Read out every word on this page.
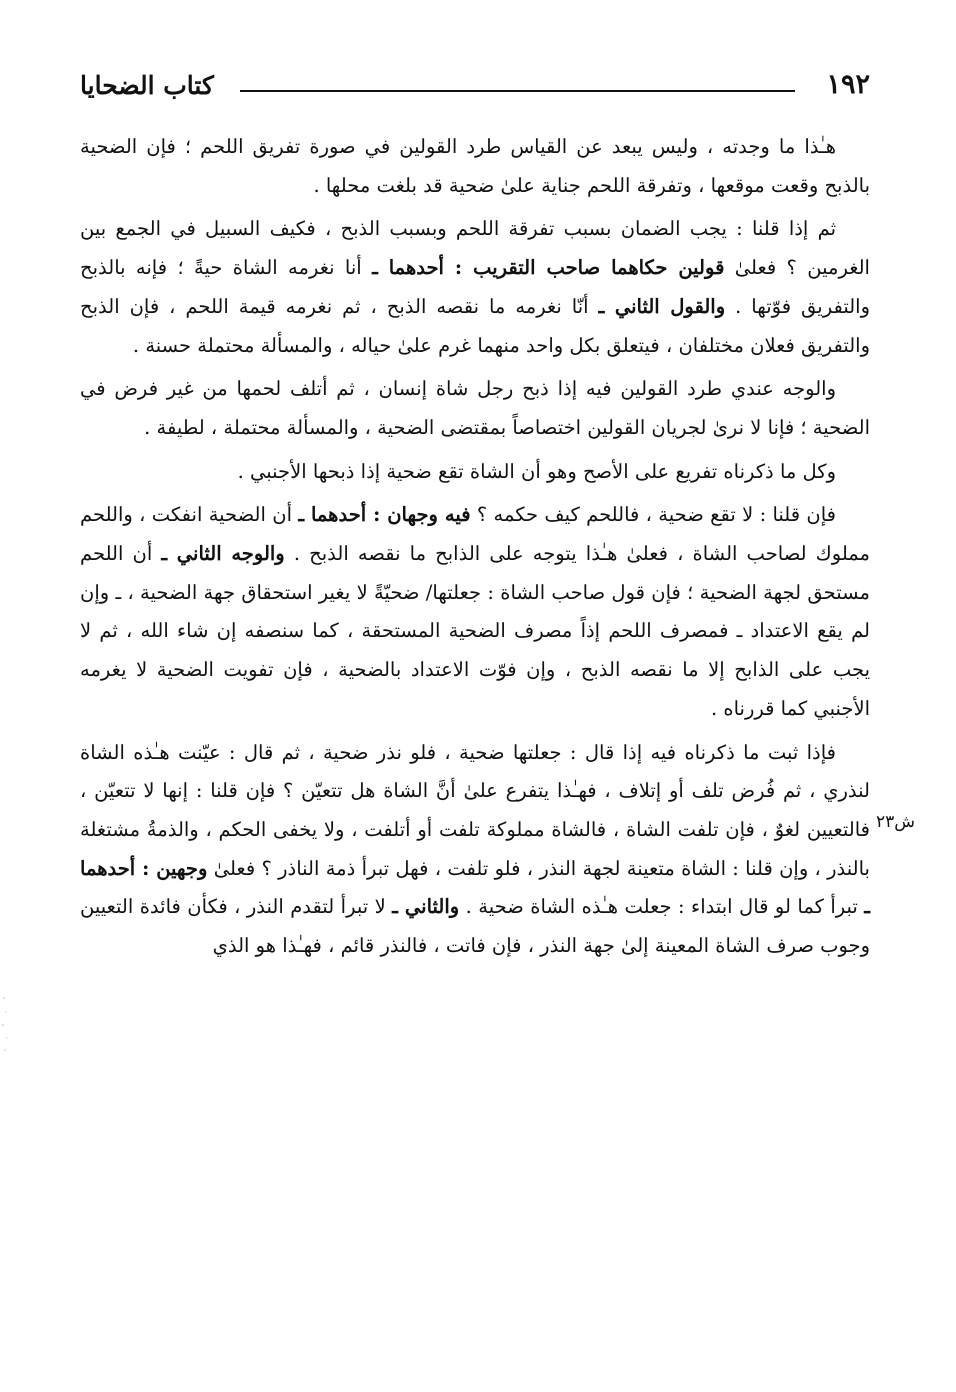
١٩٢
كتاب الضحايا

هـٰذا ما وجدته ، وليس يبعد عن القياس طرد القولين في صورة تفريق اللحم ؛ فإن الضحية بالذبح وقعت موقعها ، وتفرقة اللحم جناية علىٰ ضحية قد بلغت محلها .

ثم إذا قلنا : يجب الضمان بسبب تفرقة اللحم وبسبب الذبح ، فكيف السبيل في الجمع بين الغرمين ؟ فعلىٰ قولين حكاهما صاحب التقريب : أحدهما ـ أنا نغرمه الشاة حيةً ؛ فإنه بالذبح والتفريق فوّتها . والقول الثاني ـ أنّا نغرمه ما نقصه الذبح ، ثم نغرمه قيمة اللحم ، فإن الذبح والتفريق فعلان مختلفان ، فيتعلق بكل واحد منهما غرم علىٰ حياله ، والمسألة محتملة حسنة .

والوجه عندي طرد القولين فيه إذا ذبح رجل شاة إنسان ، ثم أتلف لحمها من غير فرض في الضحية ؛ فإنا لا نرىٰ لجريان القولين اختصاصاً بمقتضى الضحية ، والمسألة محتملة ، لطيفة .

وكل ما ذكرناه تفريع على الأصح وهو أن الشاة تقع ضحية إذا ذبحها الأجنبي .

فإن قلنا : لا تقع ضحية ، فاللحم كيف حكمه ؟ فيه وجهان : أحدهما ـ أن الضحية انفكت ، واللحم مملوك لصاحب الشاة ، فعلىٰ هـٰذا يتوجه على الذابح ما نقصه الذبح . والوجه الثاني ـ أن اللحم مستحق لجهة الضحية ؛ فإن قول صاحب الشاة : جعلتها/ ضحيّةً لا يغير استحقاق جهة الضحية ، ـ وإن لم يقع الاعتداد ـ فمصرف اللحم إذاً مصرف الضحية المستحقة ، كما سنصفه إن شاء الله ، ثم لا يجب على الذابح إلا ما نقصه الذبح ، وإن فوّت الاعتداد بالضحية ، فإن تفويت الضحية لا يغرمه الأجنبي كما قررناه .

فإذا ثبت ما ذكرناه فيه إذا قال : جعلتها ضحية ، فلو نذر ضحية ، ثم قال : عيّنت هـٰذه الشاة لنذري ، ثم فُرض تلف أو إتلاف ، فهـٰذا يتفرع علىٰ أنَّ الشاة هل تتعيّن ؟ فإن قلنا : إنها لا تتعيّن ، فالتعيين لغوٌ ، فإن تلفت الشاة ، فالشاة مملوكة تلفت أو أتلفت ، ولا يخفى الحكم ، والذمةُ مشتغلة بالنذر ، وإن قلنا : الشاة متعينة لجهة النذر ، فلو تلفت ، فهل تبرأ ذمة الناذر ؟ فعلىٰ وجهين : أحدهما ـ تبرأ كما لو قال ابتداء : جعلت هـٰذه الشاة ضحية . والثاني ـ لا تبرأ لتقدم النذر ، فكأن فائدة التعيين وجوب صرف الشاة المعينة إلىٰ جهة النذر ، فإن فاتت ، فالنذر قائم ، فهـٰذا هو الذي

ش٢٣
